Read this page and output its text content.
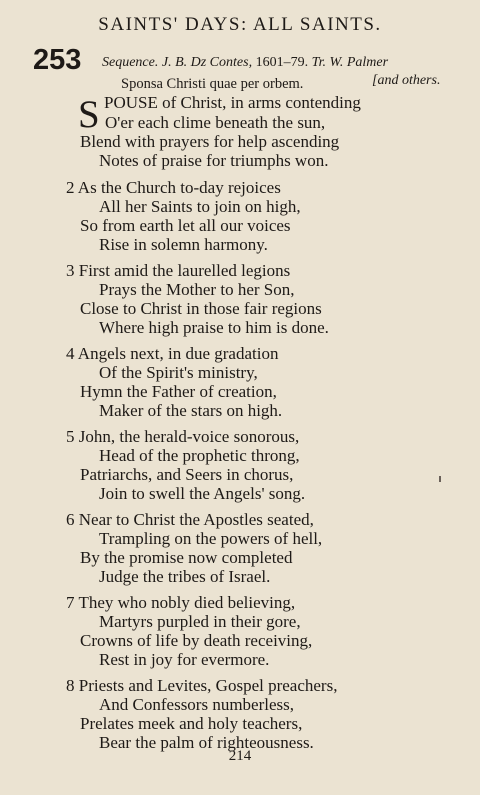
SAINTS' DAYS: ALL SAINTS.
253 Sequence. J. B. Dz Contes, 1601–79. Tr. W. Palmer
Sponsa Christi quae per orbem.	[and others.
S POUSE of Christ, in arms contending
O'er each clime beneath the sun,
Blend with prayers for help ascending
Notes of praise for triumphs won.
2 As the Church to-day rejoices
All her Saints to join on high,
So from earth let all our voices
Rise in solemn harmony.
3 First amid the laurelled legions
Prays the Mother to her Son,
Close to Christ in those fair regions
Where high praise to him is done.
4 Angels next, in due gradation
Of the Spirit's ministry,
Hymn the Father of creation,
Maker of the stars on high.
5 John, the herald-voice sonorous,
Head of the prophetic throng,
Patriarchs, and Seers in chorus,
Join to swell the Angels' song.
6 Near to Christ the Apostles seated,
Trampling on the powers of hell,
By the promise now completed
Judge the tribes of Israel.
7 They who nobly died believing,
Martyrs purpled in their gore,
Crowns of life by death receiving,
Rest in joy for evermore.
8 Priests and Levites, Gospel preachers,
And Confessors numberless,
Prelates meek and holy teachers,
Bear the palm of righteousness.
214
